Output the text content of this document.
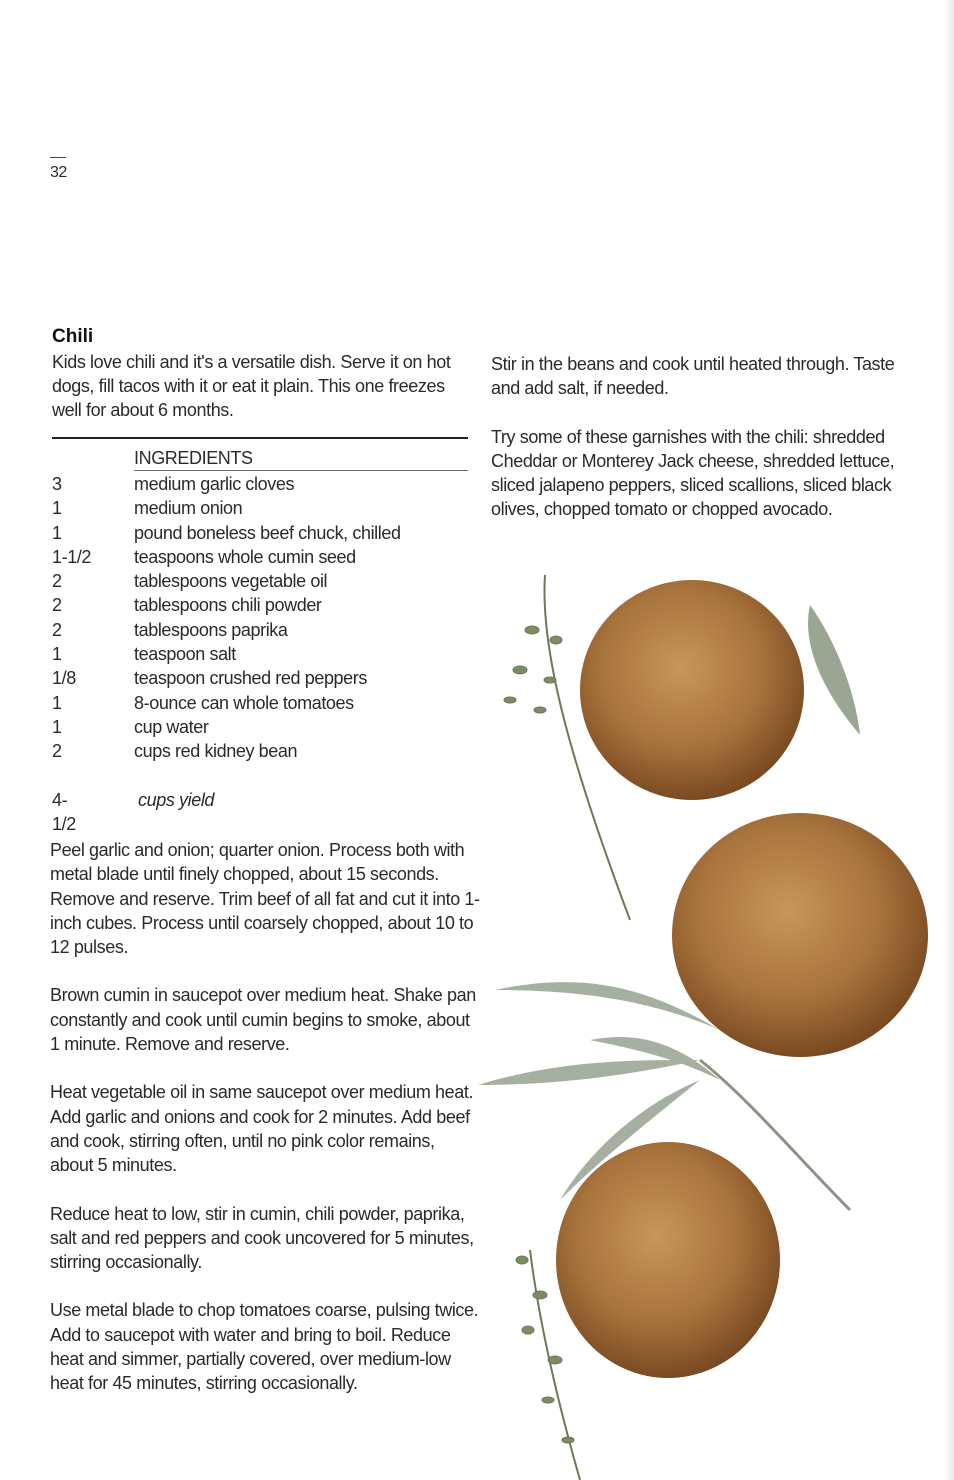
32
Chili
Kids love chili and it's a versatile dish. Serve it on hot dogs, fill tacos with it or eat it plain. This one freezes well for about 6 months.
INGREDIENTS
3	medium garlic cloves
1	medium onion
1	pound boneless beef chuck, chilled
1-1/2 teaspoons whole cumin seed
2	tablespoons vegetable oil
2	tablespoons chili powder
2	tablespoons paprika
1	teaspoon salt
1/8	teaspoon crushed red peppers
1	8-ounce can whole tomatoes
1	cup water
2	cups red kidney bean
4-1/2
cups yield

Peel garlic and onion; quarter onion. Process both with metal blade until finely chopped, about 15 seconds. Remove and reserve. Trim beef of all fat and cut it into 1-inch cubes. Process until coarsely chopped, about 10 to 12 pulses.

Brown cumin in saucepot over medium heat. Shake pan constantly and cook until cumin begins to smoke, about 1 minute. Remove and reserve.

Heat vegetable oil in same saucepot over medium heat. Add garlic and onions and cook for 2 minutes. Add beef and cook, stirring often, until no pink color remains, about 5 minutes.

Reduce heat to low, stir in cumin, chili powder, paprika, salt and red peppers and cook uncovered for 5 minutes, stirring occasionally.

Use metal blade to chop tomatoes coarse, pulsing twice. Add to saucepot with water and bring to boil. Reduce heat and simmer, partially covered, over medium-low heat for 45 minutes, stirring occasionally.

Stir in the beans and cook until heated through. Taste and add salt, if needed.

Try some of these garnishes with the chili: shredded Cheddar or Monterey Jack cheese, shredded lettuce, sliced jalapeno peppers, sliced scallions, sliced black olives, chopped tomato or chopped avocado.
